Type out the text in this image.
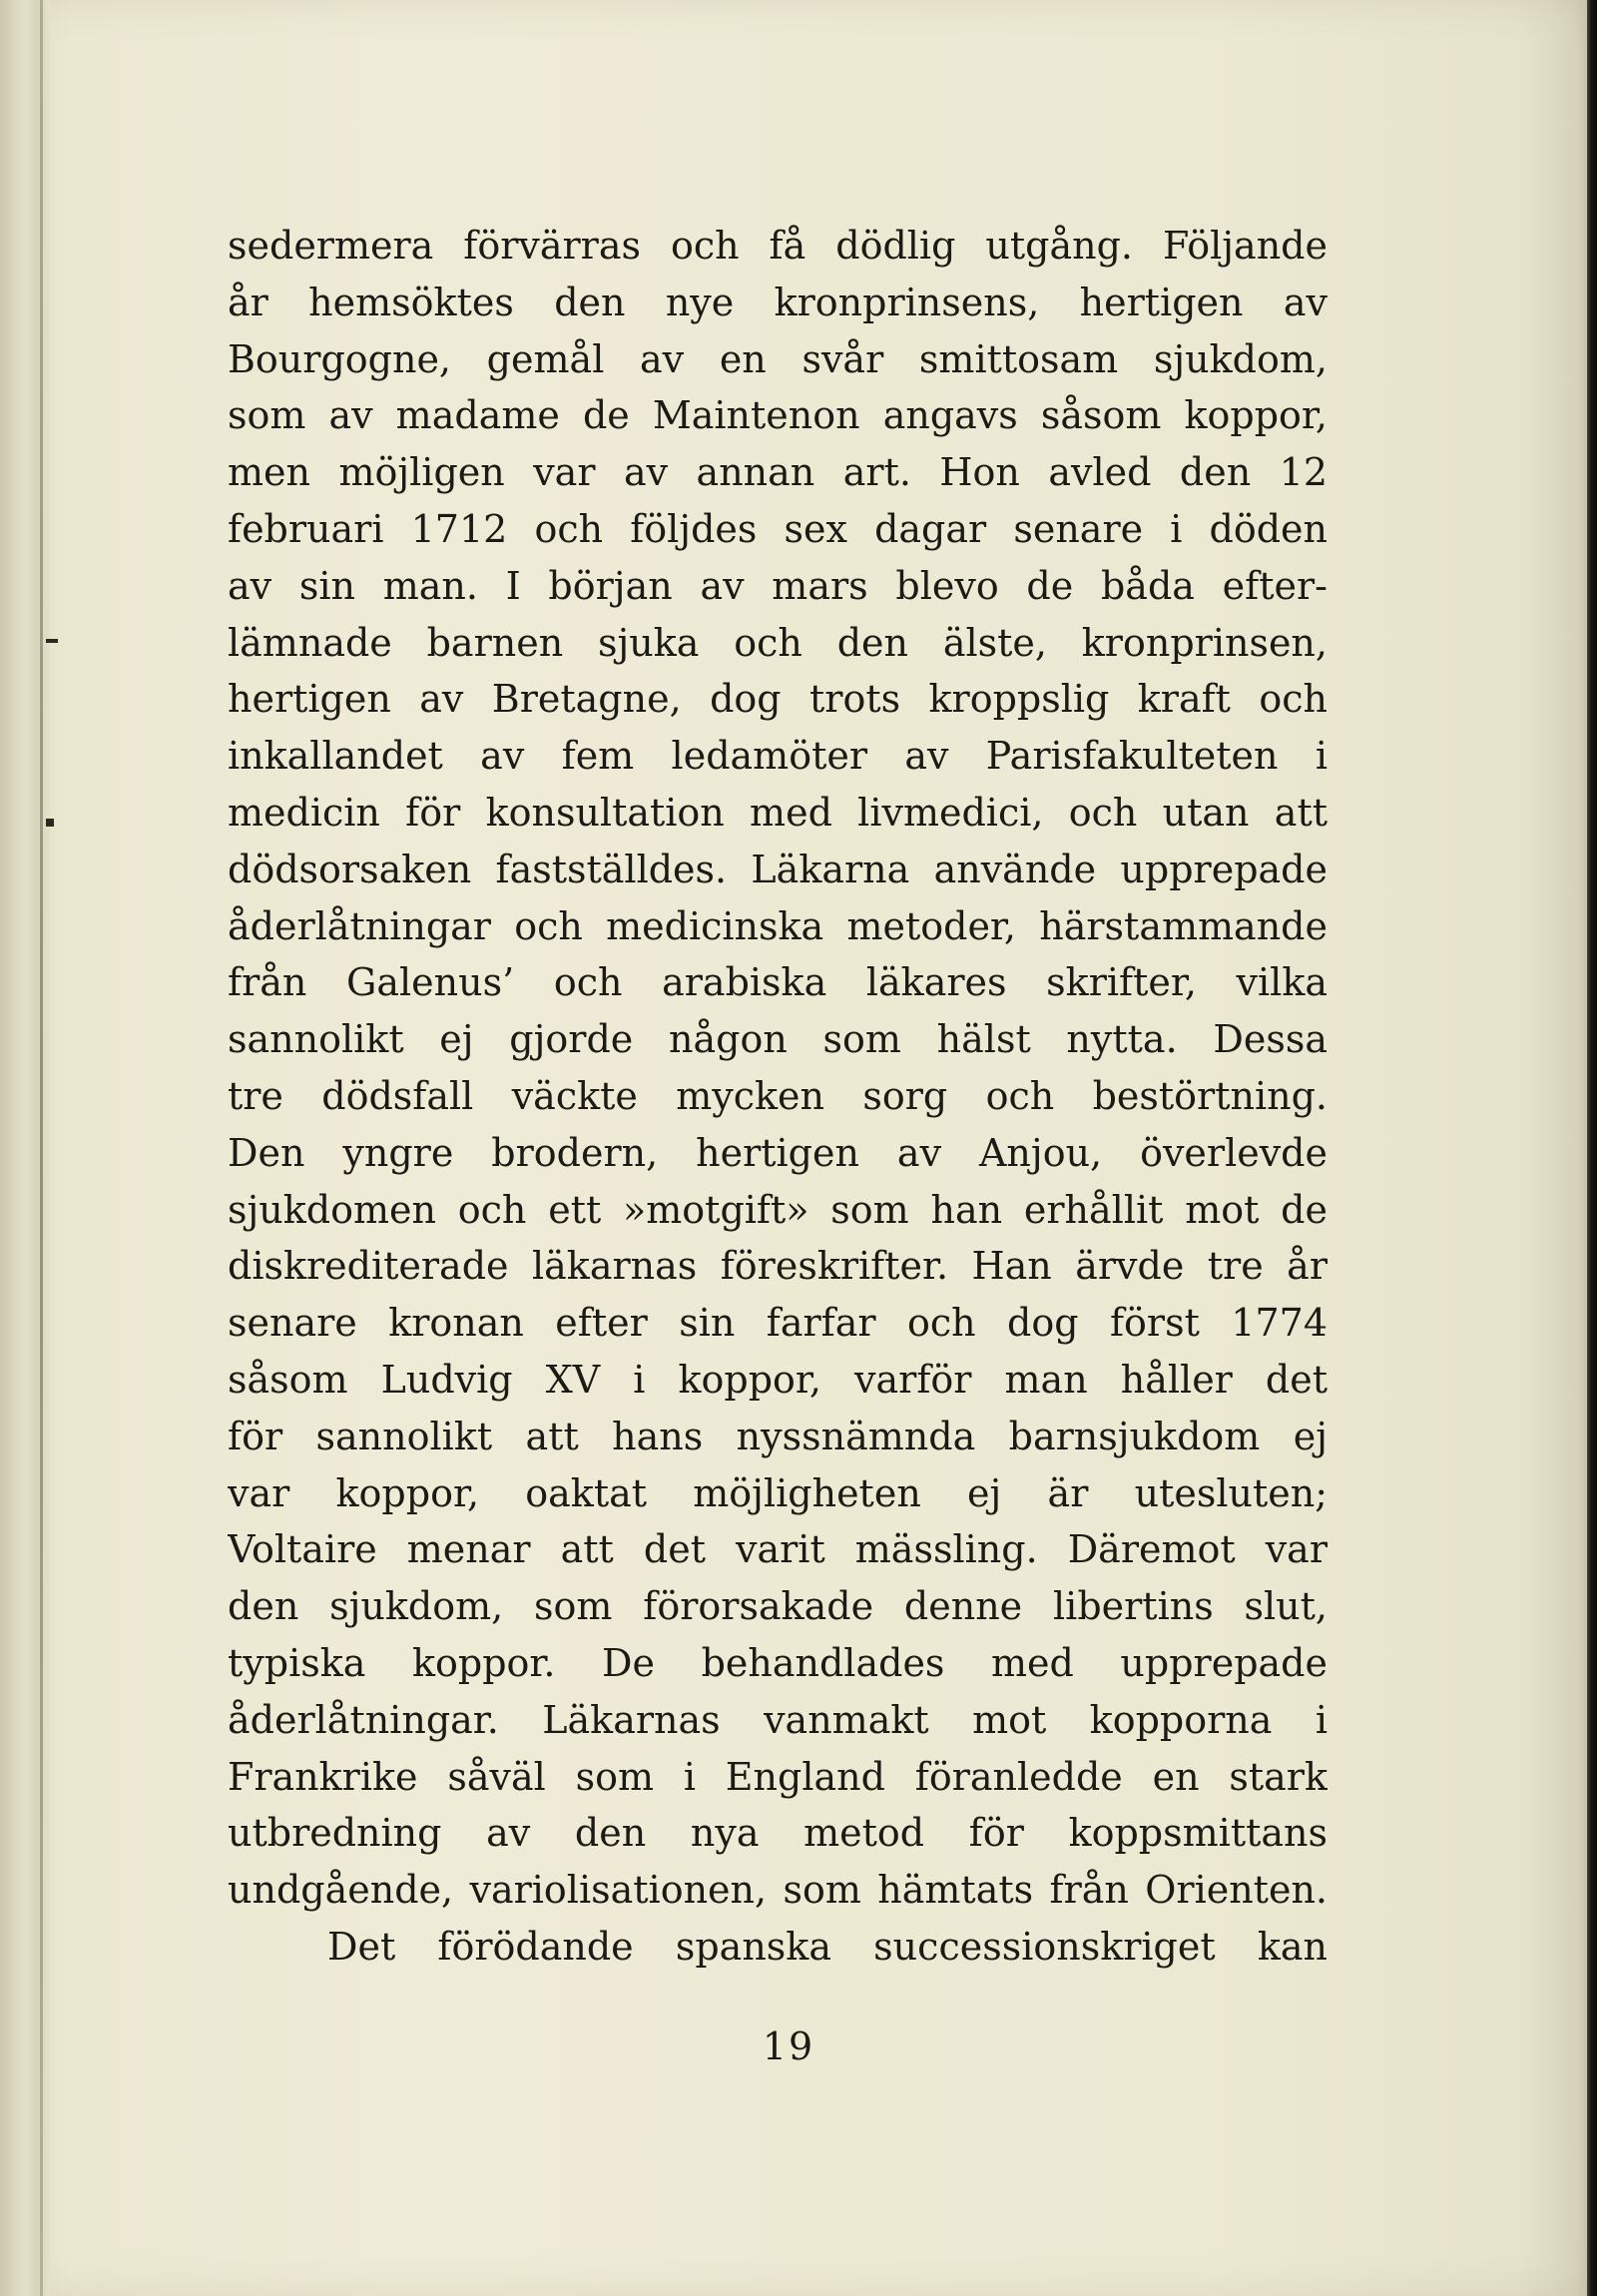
sedermera förvärras och få dödlig utgång. Följande
år hemsöktes den nye kronprinsens, hertigen av
Bourgogne, gemål av en svår smittosam sjukdom,
som av madame de Maintenon angavs såsom koppor,
men möjligen var av annan art. Hon avled den 12
februari 1712 och följdes sex dagar senare i döden
av sin man. I början av mars blevo de båda efter-
lämnade barnen sjuka och den älste, kronprinsen,
hertigen av Bretagne, dog trots kroppslig kraft och
inkallandet av fem ledamöter av Parisfakulteten i
medicin för konsultation med livmedici, och utan att
dödsorsaken fastställdes. Läkarna använde upprepade
åderlåtningar och medicinska metoder, härstammande
från Galenus’ och arabiska läkares skrifter, vilka
sannolikt ej gjorde någon som hälst nytta. Dessa
tre dödsfall väckte mycken sorg och bestörtning.
Den yngre brodern, hertigen av Anjou, överlevde
sjukdomen och ett »motgift» som han erhållit mot de
diskrediterade läkarnas föreskrifter. Han ärvde tre år
senare kronan efter sin farfar och dog först 1774
såsom Ludvig XV i koppor, varför man håller det
för sannolikt att hans nyssnämnda barnsjukdom ej
var koppor, oaktat möjligheten ej är utesluten;
Voltaire menar att det varit mässling. Däremot var
den sjukdom, som förorsakade denne libertins slut,
typiska koppor. De behandlades med upprepade
åderlåtningar. Läkarnas vanmakt mot kopporna i
Frankrike såväl som i England föranledde en stark
utbredning av den nya metod för koppsmittans
undgående, variolisationen, som hämtats från Orienten.
Det förödande spanska successionskriget kan
19
